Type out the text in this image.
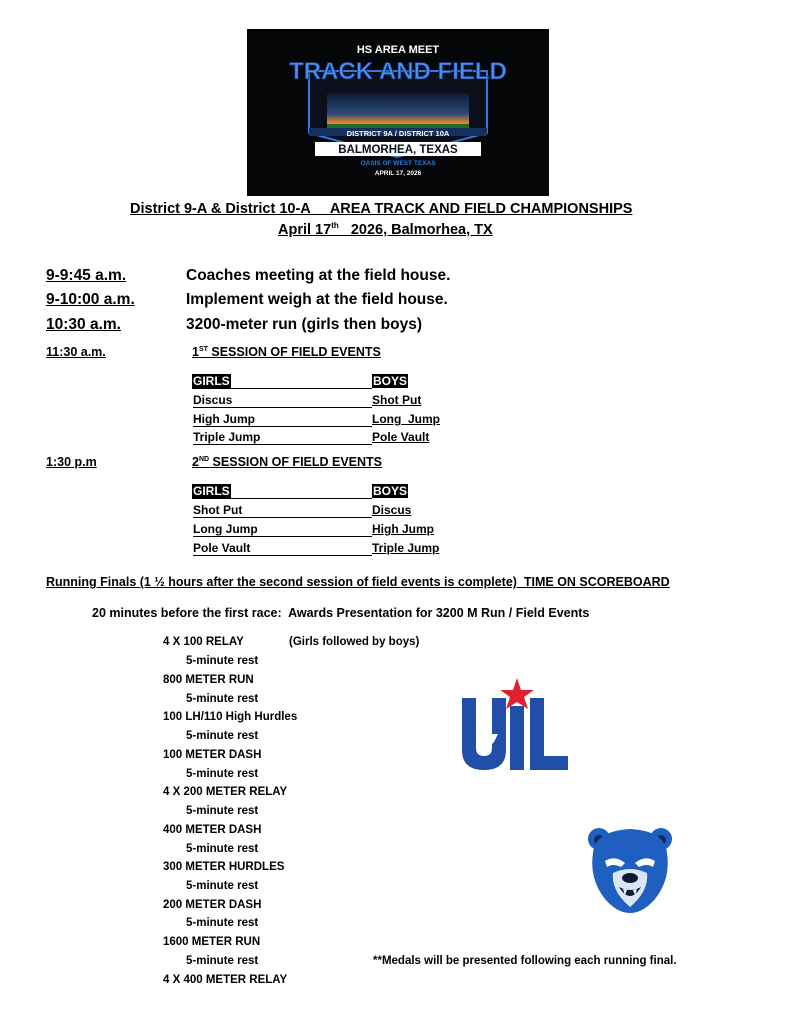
HS AREA MEET
TRACK AND FIELD
DISTRICT 9A / DISTRICT 10A
BALMORHEA, TEXAS
OASIS OF WEST TEXAS
APRIL 17, 2026
District 9-A & District 10-A     AREA TRACK AND FIELD CHAMPIONSHIPS
April 17th   2026, Balmorhea, TX
9-9:45 a.m.	Coaches meeting at the field house.
9-10:00 a.m.	Implement weigh at the field house.
10:30 a.m.	3200-meter run (girls then boys)
11:30 a.m.	1ST SESSION OF FIELD EVENTS
GIRLS	BOYS
Discus	Shot Put
High Jump	Long  Jump
Triple Jump	Pole Vault
1:30 p.m	2ND SESSION OF FIELD EVENTS
GIRLS	BOYS
Shot Put	Discus
Long Jump	High Jump
Pole Vault	Triple Jump
Running Finals (1 ½ hours after the second session of field events is complete)  TIME ON SCOREBOARD
20 minutes before the first race:  Awards Presentation for 3200 M Run / Field Events
4 X 100 RELAY	(Girls followed by boys)
5-minute rest
800 METER RUN
5-minute rest
100 LH/110 High Hurdles
5-minute rest
100 METER DASH
5-minute rest
4 X 200 METER RELAY
5-minute rest
400 METER DASH
5-minute rest
300 METER HURDLES
5-minute rest
200 METER DASH
5-minute rest
1600 METER RUN
5-minute rest
4 X 400 METER RELAY
**Medals will be presented following each running final.
UIL
